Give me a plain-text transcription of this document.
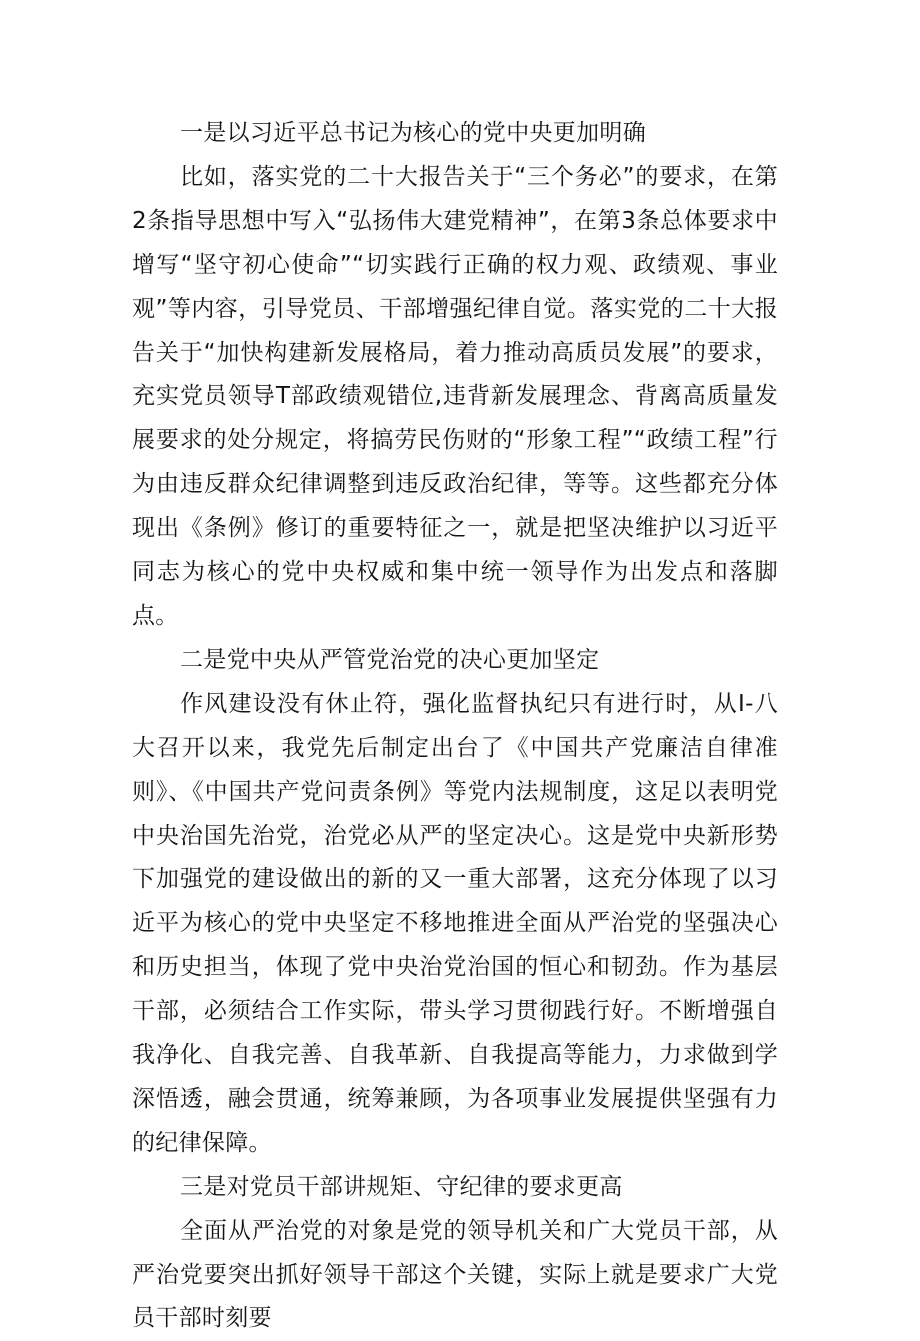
一是以习近平总书记为核心的党中央更加明确

比如，落实党的二十大报告关于“三个务必”的要求，在第2条指导思想中写入“弘扬伟大建党精神”，在第3条总体要求中增写“坚守初心使命”“切实践行正确的权力观、政绩观、事业观”等内容，引导党员、干部增强纪律自觉。落实党的二十大报告关于“加快构建新发展格局，着力推动高质员发展”的要求，充实党员领导T部政绩观错位,违背新发展理念、背离高质量发展要求的处分规定，将搞劳民伤财的“形象工程”“政绩工程”行为由违反群众纪律调整到违反政治纪律，等等。这些都充分体现出《条例》修订的重要特征之一，就是把坚决维护以习近平同志为核心的党中央权威和集中统一领导作为出发点和落脚点。

二是党中央从严管党治党的决心更加坚定

作风建设没有休止符，强化监督执纪只有进行时，从I-八大召开以来，我党先后制定出台了《中国共产党廉洁自律准则》、《中国共产党问责条例》等党内法规制度，这足以表明党中央治国先治党，治党必从严的坚定决心。这是党中央新形势下加强党的建设做出的新的又一重大部署，这充分体现了以习近平为核心的党中央坚定不移地推进全面从严治党的坚强决心和历史担当，体现了党中央治党治国的恒心和韧劲。作为基层干部，必须结合工作实际，带头学习贯彻践行好。不断增强自我净化、自我完善、自我革新、自我提高等能力，力求做到学深悟透，融会贯通，统筹兼顾，为各项事业发展提供坚强有力的纪律保障。

三是对党员干部讲规矩、守纪律的要求更高

全面从严治党的对象是党的领导机关和广大党员干部，从严治党要突出抓好领导干部这个关键，实际上就是要求广大党员干部时刻要
